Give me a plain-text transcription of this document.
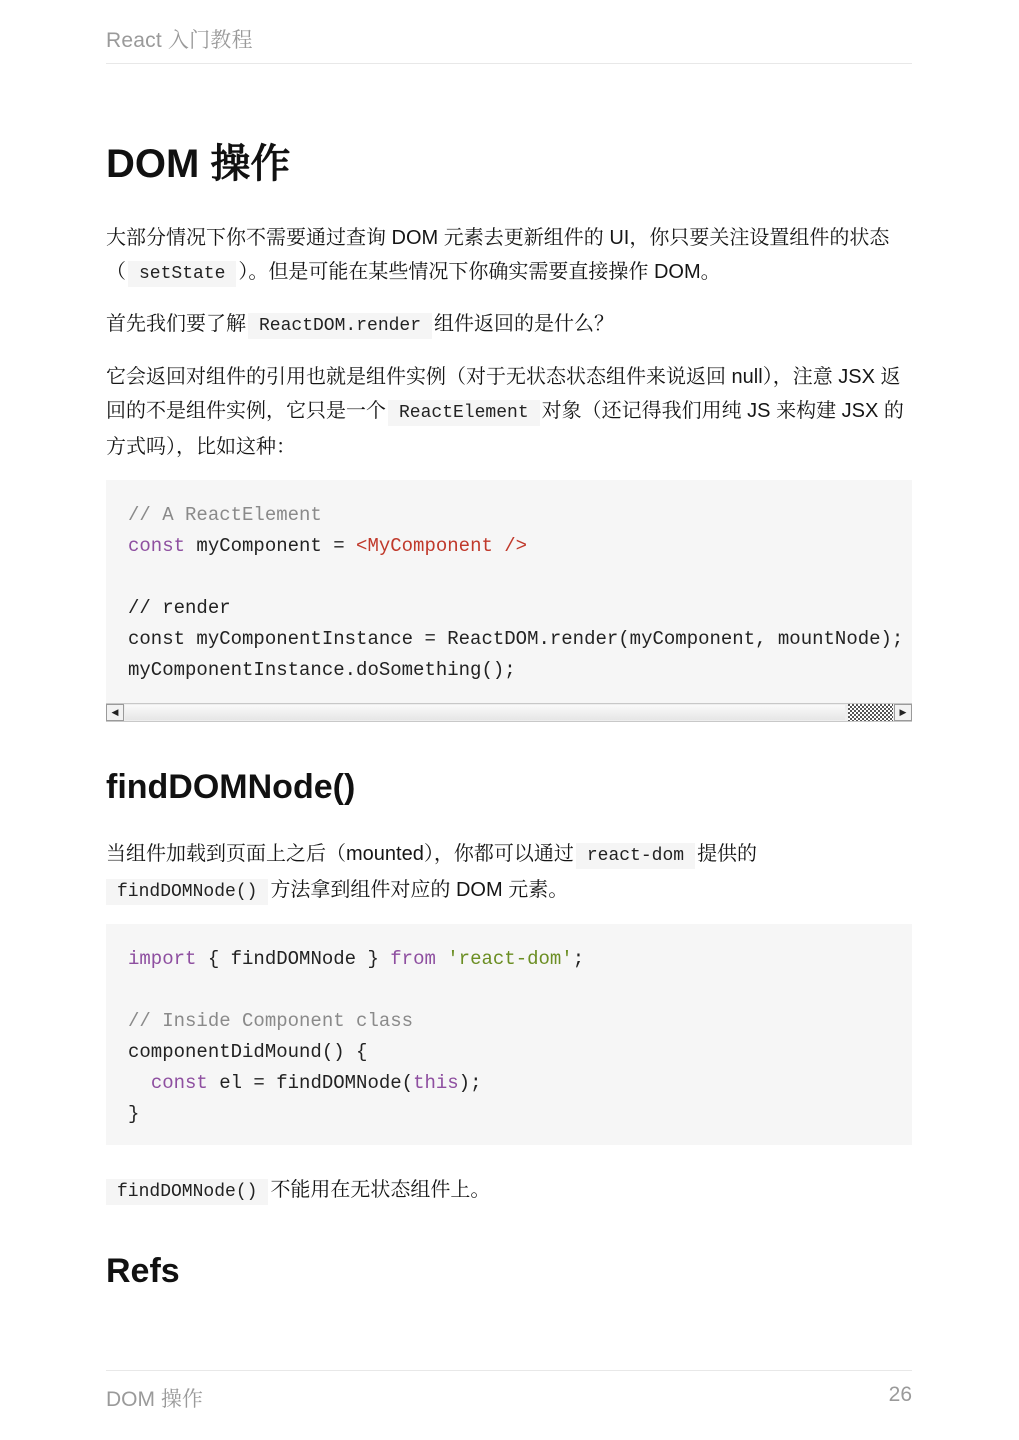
React 入门教程
DOM 操作

大部分情况下你不需要通过查询 DOM 元素去更新组件的 UI，你只要关注设置组件的状态（ setState ）。但是可能在某些情况下你确实需要直接操作 DOM。

首先我们要了解 ReactDOM.render 组件返回的是什么？

它会返回对组件的引用也就是组件实例（对于无状态状态组件来说返回 null），注意 JSX 返回的不是组件实例，它只是一个 ReactElement 对象（还记得我们用纯 JS 来构建 JSX 的方式吗），比如这种：

// A ReactElement
const myComponent = <MyComponent />

// render
const myComponentInstance = ReactDOM.render(myComponent, mountNode);
myComponentInstance.doSomething();
◀	▶
findDOMNode()

当组件加载到页面上之后（mounted），你都可以通过 react-dom 提供的findDOMNode() 方法拿到组件对应的 DOM 元素。

import { findDOMNode } from 'react-dom';

// Inside Component class
componentDidMound() {
const el = findDOMNode(this);
}

findDOMNode() 不能用在无状态组件上。

Refs
DOM 操作	26
